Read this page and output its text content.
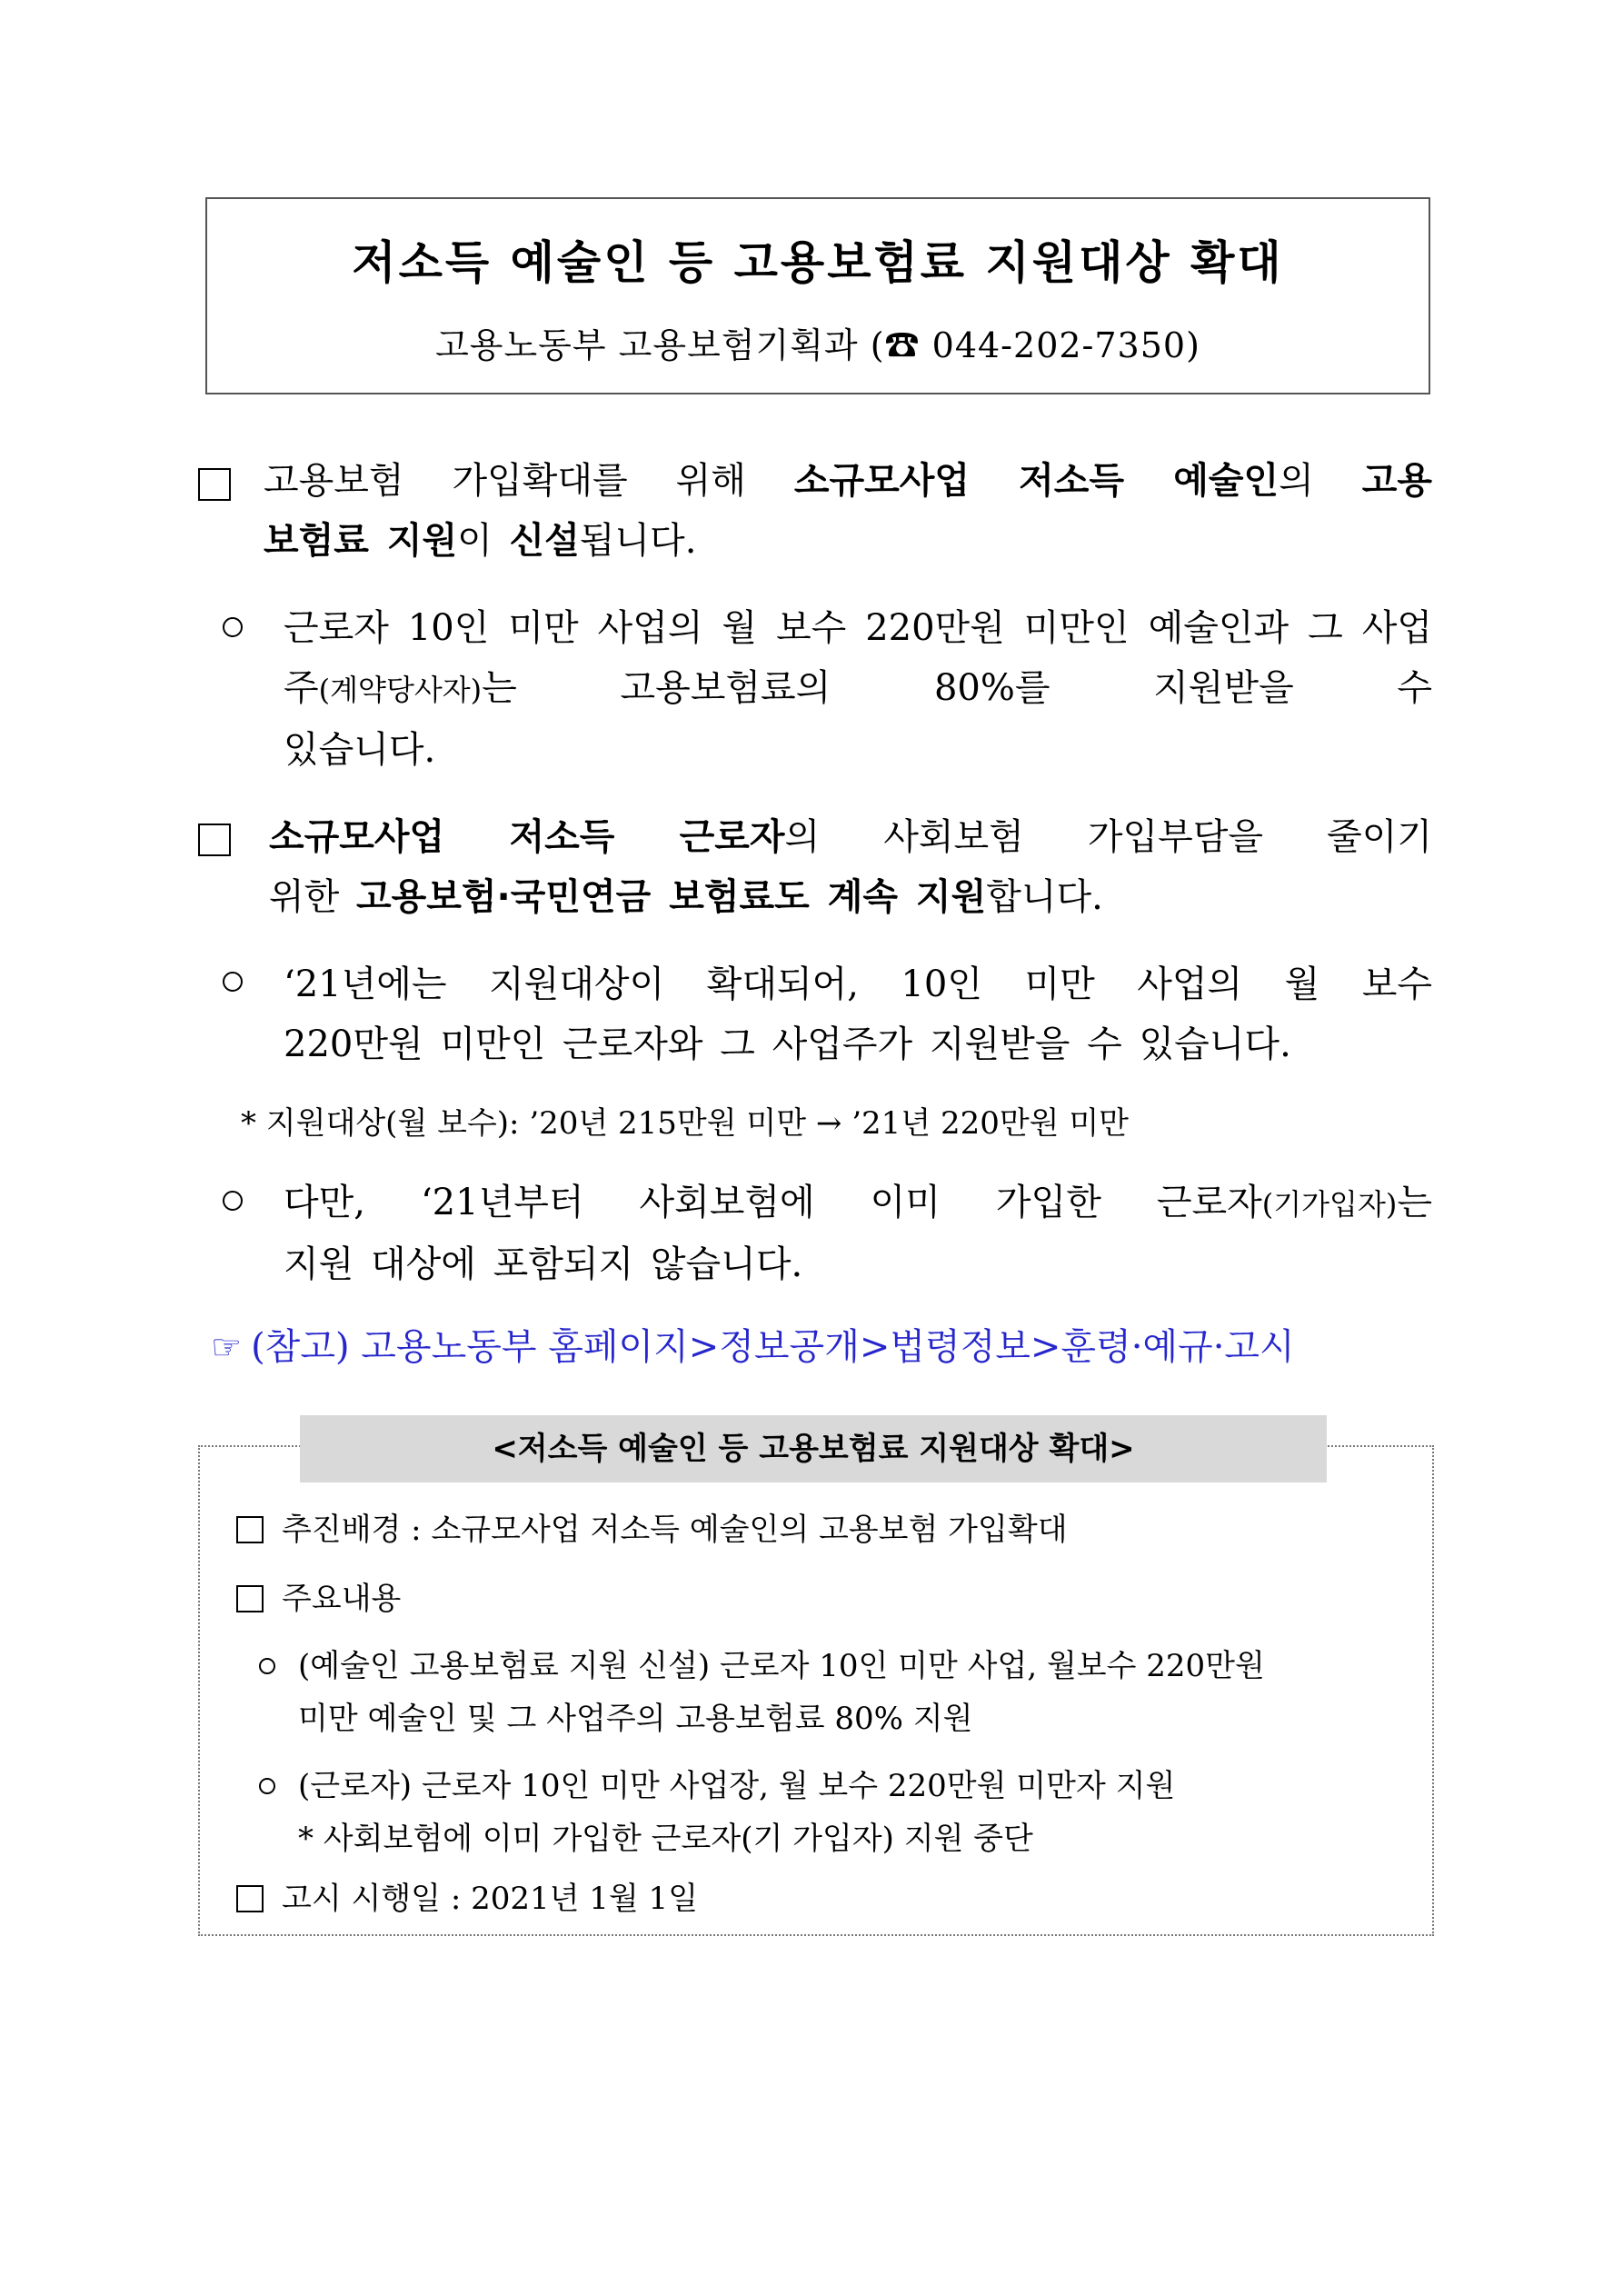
저소득 예술인 등 고용보험료 지원대상 확대
고용노동부 고용보험기획과 (☎ 044-202-7350)
고용보험 가입확대를 위해 소규모사업 저소득 예술인의 고용
보험료 지원이 신설됩니다.
근로자 10인 미만 사업의 월 보수 220만원 미만인 예술인과 그 사업주(계약당사자)는 고용보험료의 80%를 지원받을 수
있습니다.
소규모사업 저소득 근로자의 사회보험 가입부담을 줄이기
위한 고용보험·국민연금 보험료도 계속 지원합니다.
‘21년에는 지원대상이 확대되어, 10인 미만 사업의 월 보수
220만원 미만인 근로자와 그 사업주가 지원받을 수 있습니다.
* 지원대상(월 보수): ’20년 215만원 미만 → ’21년 220만원 미만
다만, ‘21년부터 사회보험에 이미 가입한 근로자(기가입자)는
지원 대상에 포함되지 않습니다.
☞ (참고) 고용노동부 홈페이지>정보공개>법령정보>훈령·예규·고시
<저소득 예술인 등 고용보험료 지원대상 확대>
추진배경 : 소규모사업 저소득 예술인의 고용보험 가입확대
주요내용
(예술인 고용보험료 지원 신설) 근로자 10인 미만 사업, 월보수 220만원
미만 예술인 및 그 사업주의 고용보험료 80% 지원
(근로자) 근로자 10인 미만 사업장, 월 보수 220만원 미만자 지원
* 사회보험에 이미 가입한 근로자(기 가입자) 지원 중단
고시 시행일 : 2021년 1월 1일
